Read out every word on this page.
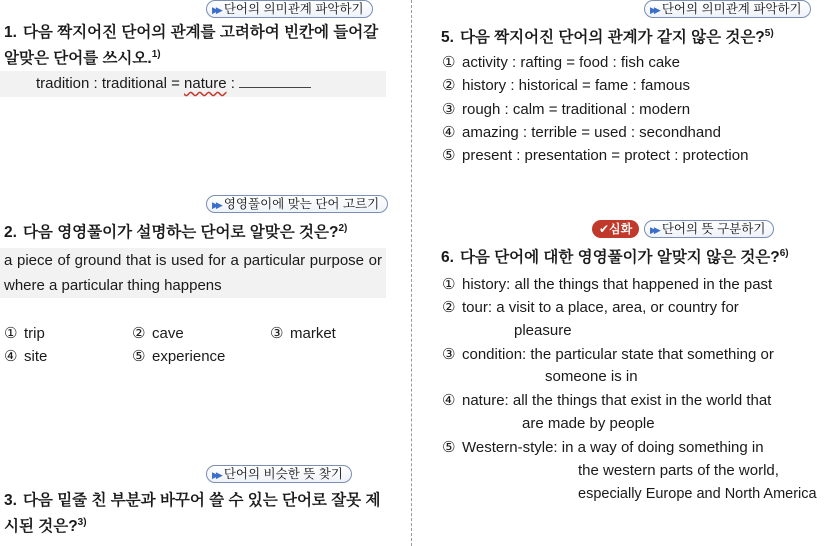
▶▶ 단어의 의미관계 파악하기
1. 다음 짝지어진 단어의 관계를 고려하여 빈칸에 들어갈 알맞은 단어를 쓰시오.$^{1)}$
tradition : traditional = nature :
▶▶ 영영풀이에 맞는 단어 고르기
2. 다음 영영풀이가 설명하는 단어로 알맞은 것은?$^{2)}$
a piece of ground that is used for a particular purpose or where a particular thing happens
① trip	② cave	③ market
④ site	⑤ experience
▶▶ 단어의 비슷한 뜻 찾기
3. 다음 밑줄 친 부분과 바꾸어 쓸 수 있는 단어로 잘못 제시된 것은?$^{3)}$
▶▶ 단어의 의미관계 파악하기
5. 다음 짝지어진 단어의 관계가 같지 않은 것은?$^{5)}$
① activity : rafting = food : fish cake
② history : historical = fame : famous
③ rough : calm = traditional : modern
④ amazing : terrible = used : secondhand
⑤ present : presentation = protect : protection
✔심화	▶▶ 단어의 뜻 구분하기
6. 다음 단어에 대한 영영풀이가 알맞지 않은 것은?$^{6)}$
① history: all the things that happened in the past
② tour: a visit to a place, area, or country for
pleasure
③ condition: the particular state that something or
someone is in
④ nature: all the things that exist in the world that
are made by people
⑤ Western-style: in a way of doing something in
the western parts of the world,
especially Europe and North America
